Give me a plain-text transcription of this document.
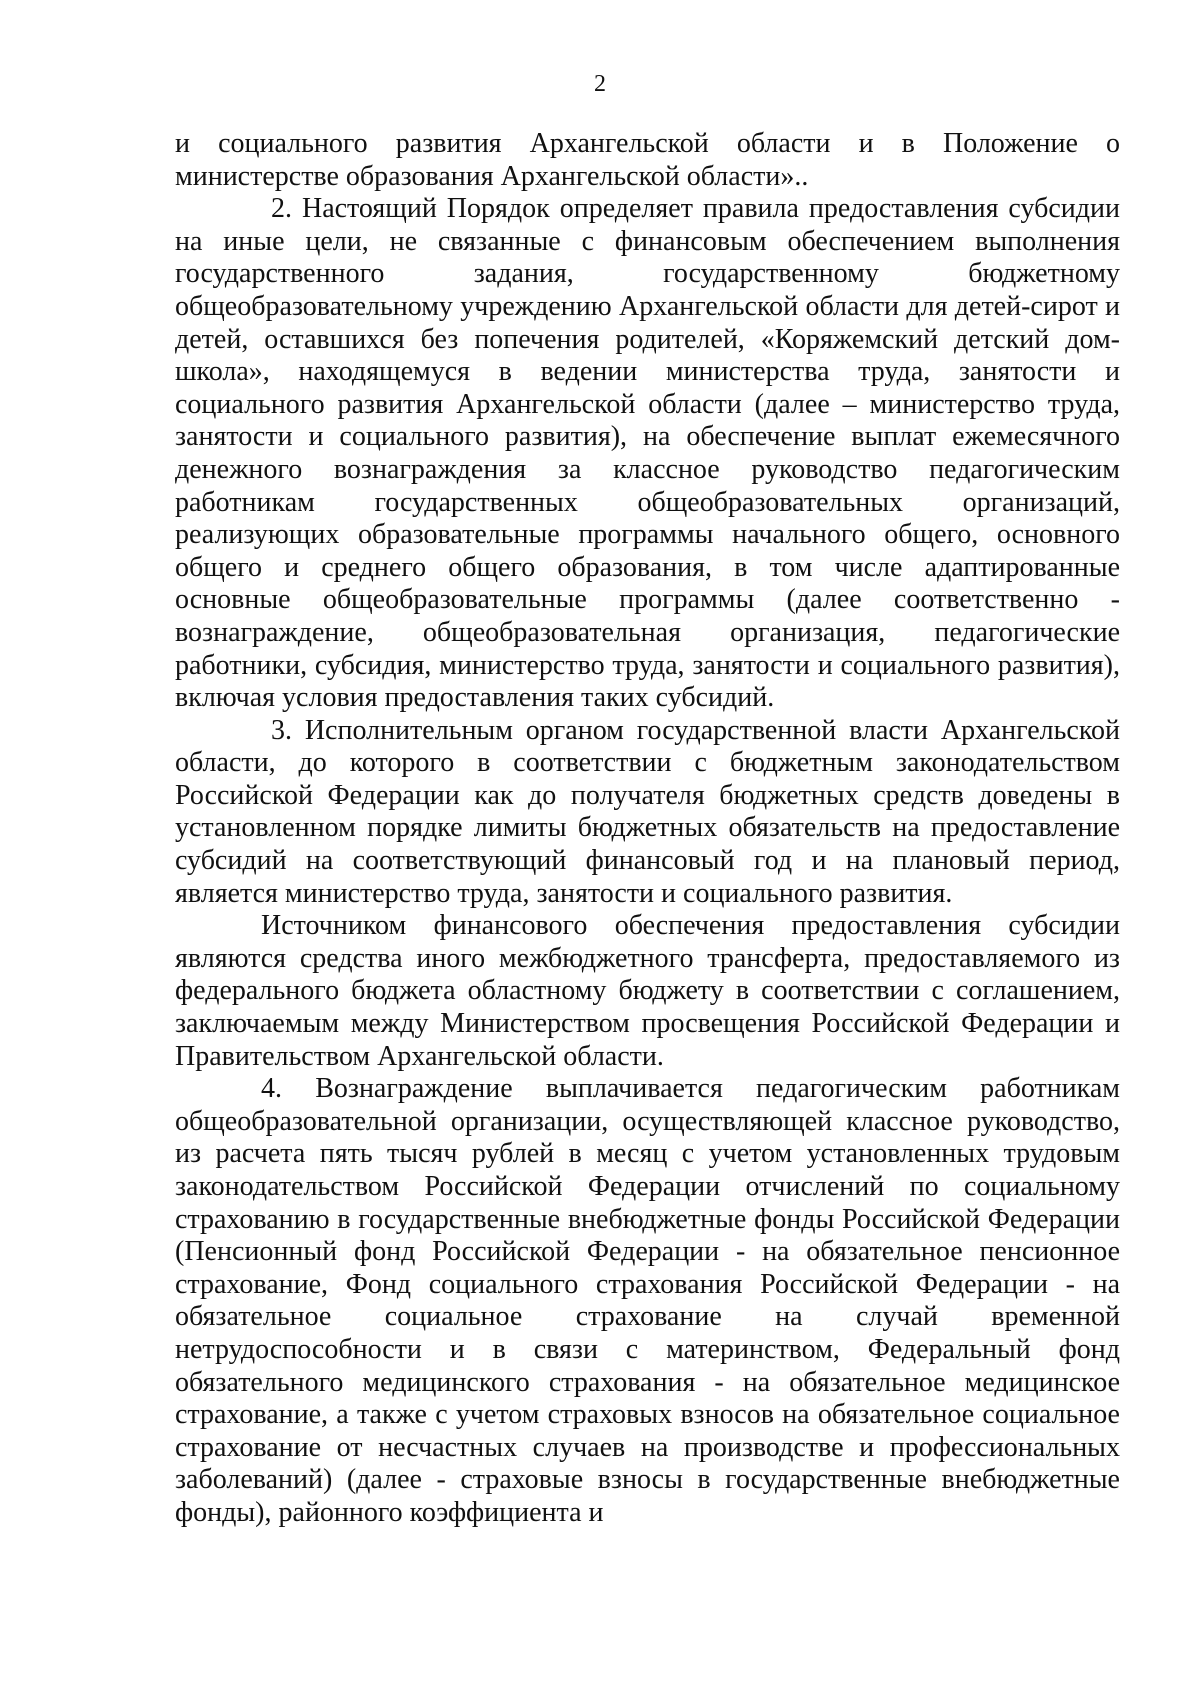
2

и социального развития Архангельской области и в Положение о министерстве образования Архангельской области»..

2. Настоящий Порядок определяет правила предоставления субсидии на иные цели, не связанные с финансовым обеспечением выполнения государственного задания, государственному бюджетному общеобразовательному учреждению Архангельской области для детей-сирот и детей, оставшихся без попечения родителей, «Коряжемский детский дом-школа», находящемуся в ведении министерства труда, занятости и социального развития Архангельской области (далее – министерство труда, занятости и социального развития), на обеспечение выплат ежемесячного денежного вознаграждения за классное руководство педагогическим работникам государственных общеобразовательных организаций, реализующих образовательные программы начального общего, основного общего и среднего общего образования, в том числе адаптированные основные общеобразовательные программы (далее соответственно - вознаграждение, общеобразовательная организация, педагогические работники, субсидия, министерство труда, занятости и социального развития), включая условия предоставления таких субсидий.

3. Исполнительным органом государственной власти Архангельской области, до которого в соответствии с бюджетным законодательством Российской Федерации как до получателя бюджетных средств доведены в установленном порядке лимиты бюджетных обязательств на предоставление субсидий на соответствующий финансовый год и на плановый период, является министерство труда, занятости и социального развития.

Источником финансового обеспечения предоставления субсидии являются средства иного межбюджетного трансферта, предоставляемого из федерального бюджета областному бюджету в соответствии с соглашением, заключаемым между Министерством просвещения Российской Федерации и Правительством Архангельской области.

4. Вознаграждение выплачивается педагогическим работникам общеобразовательной организации, осуществляющей классное руководство, из расчета пять тысяч рублей в месяц с учетом установленных трудовым законодательством Российской Федерации отчислений по социальному страхованию в государственные внебюджетные фонды Российской Федерации (Пенсионный фонд Российской Федерации - на обязательное пенсионное страхование, Фонд социального страхования Российской Федерации - на обязательное социальное страхование на случай временной нетрудоспособности и в связи с материнством, Федеральный фонд обязательного медицинского страхования - на обязательное медицинское страхование, а также с учетом страховых взносов на обязательное социальное страхование от несчастных случаев на производстве и профессиональных заболеваний) (далее - страховые взносы в государственные внебюджетные фонды), районного коэффициента и
